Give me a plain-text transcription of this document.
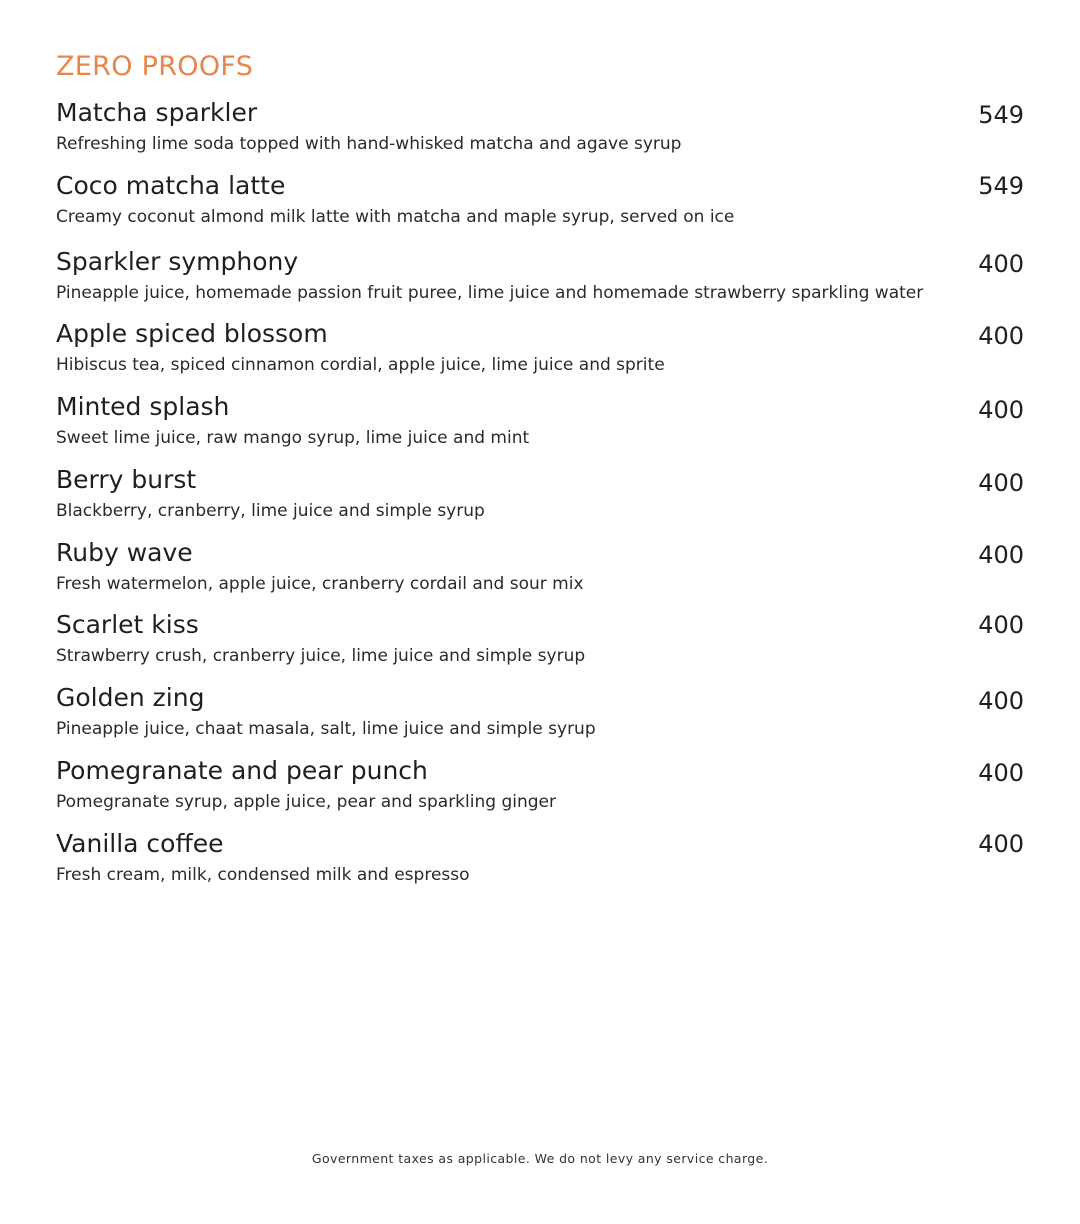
ZERO PROOFS
Matcha sparkler	549
Refreshing lime soda topped with hand-whisked matcha and agave syrup
Coco matcha latte	549
Creamy coconut almond milk latte with matcha and maple syrup, served on ice
Sparkler symphony	400
Pineapple juice, homemade passion fruit puree, lime juice and homemade strawberry sparkling water
Apple spiced blossom	400
Hibiscus tea, spiced cinnamon cordial, apple juice, lime juice and sprite
Minted splash	400
Sweet lime juice, raw mango syrup, lime juice and mint
Berry burst	400
Blackberry, cranberry, lime juice and simple syrup
Ruby wave	400
Fresh watermelon, apple juice, cranberry cordail and sour mix
Scarlet kiss	400
Strawberry crush, cranberry juice, lime juice and simple syrup
Golden zing	400
Pineapple juice, chaat masala, salt, lime juice and simple syrup
Pomegranate and pear punch	400
Pomegranate syrup, apple juice, pear and sparkling ginger
Vanilla coffee	400
Fresh cream, milk, condensed milk and espresso
Government taxes as applicable. We do not levy any service charge.
